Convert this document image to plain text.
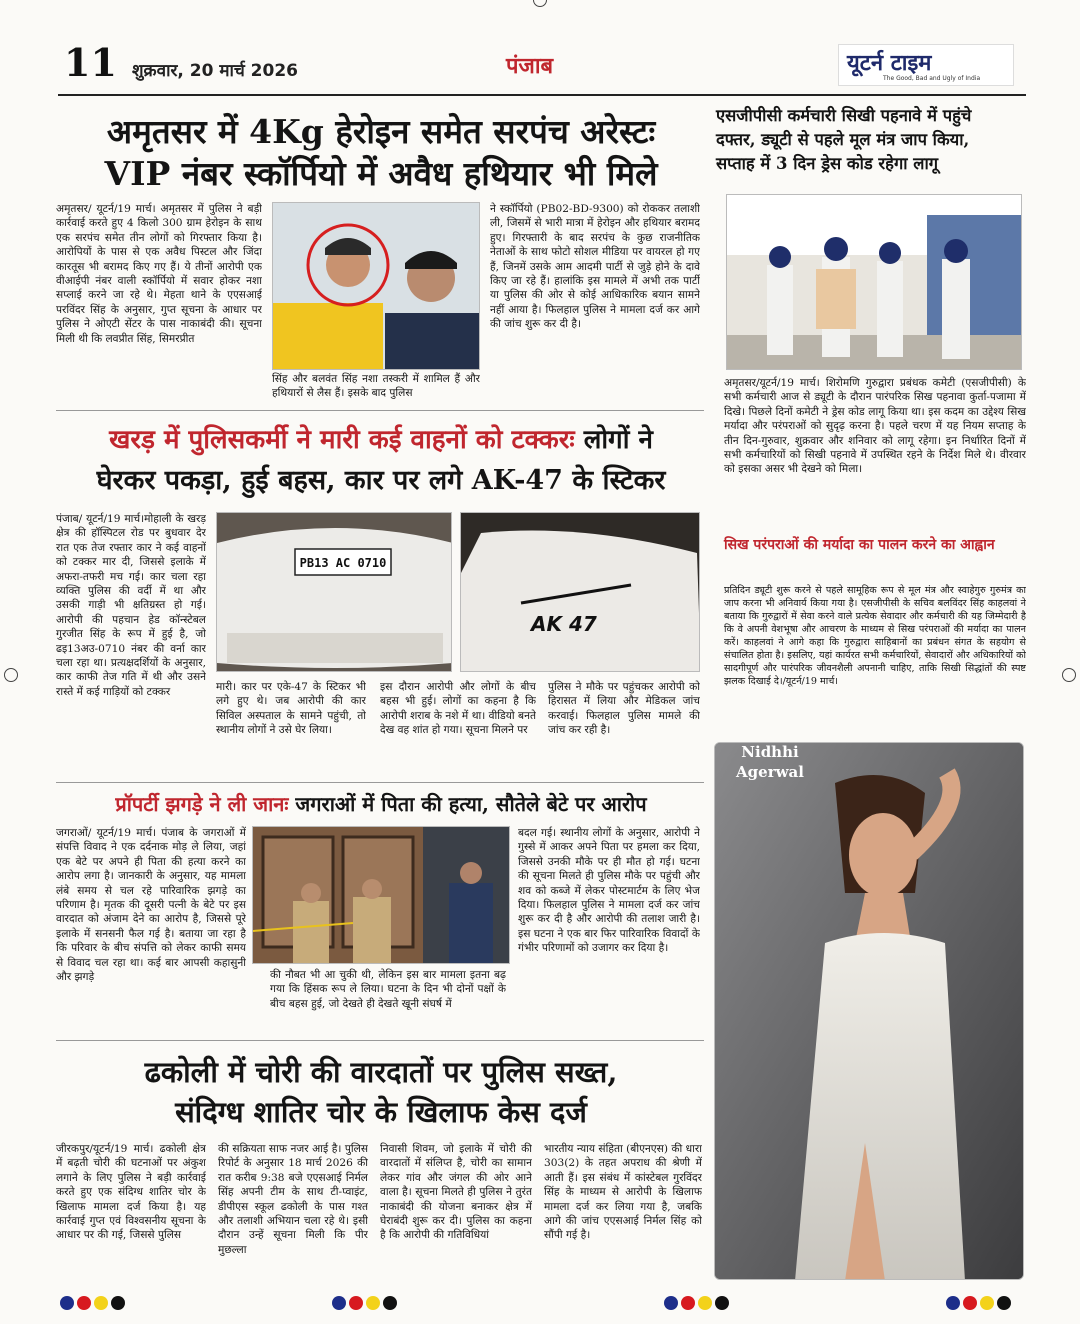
11 शुक्रवार, 20 मार्च 2026	पंजाब	यूटर्न टाइम
The Good, Bad and Ugly of India
अमृतसर में 4Kg हेरोइन समेत सरपंच अरेस्टः
VIP नंबर स्कॉर्पियो में अवैध हथियार भी मिले
अमृतसर/ यूटर्न/19 मार्च। अमृतसर में पुलिस ने बड़ी कार्रवाई करते हुए 4 किलो 300 ग्राम हेरोइन के साथ एक सरपंच समेत तीन लोगों को गिरफ्तार किया है। आरोपियों के पास से एक अवैध पिस्टल और जिंदा कारतूस भी बरामद किए गए हैं। ये तीनों आरोपी एक वीआईपी नंबर वाली स्कॉर्पियो में सवार होकर नशा सप्लाई करने जा रहे थे। मेहता थाने के एएसआई परविंदर सिंह के अनुसार, गुप्त सूचना के आधार पर पुलिस ने ओएटी सेंटर के पास नाकाबंदी की। सूचना मिली थी कि लवप्रीत सिंह, सिमरप्रीत
सिंह और बलवंत सिंह नशा तस्करी में शामिल हैं और हथियारों से लैस हैं। इसके बाद पुलिस
ने स्कॉर्पियो (PB02-BD-9300) को रोककर तलाशी ली, जिसमें से भारी मात्रा में हेरोइन और हथियार बरामद हुए। गिरफ्तारी के बाद सरपंच के कुछ राजनीतिक नेताओं के साथ फोटो सोशल मीडिया पर वायरल हो गए हैं, जिनमें उसके आम आदमी पार्टी से जुड़े होने के दावे किए जा रहे हैं। हालांकि इस मामले में अभी तक पार्टी या पुलिस की ओर से कोई आधिकारिक बयान सामने नहीं आया है। फिलहाल पुलिस ने मामला दर्ज कर आगे की जांच शुरू कर दी है।
खरड़ में पुलिसकर्मी ने मारी कई वाहनों को टक्करः लोगों ने
घेरकर पकड़ा, हुई बहस, कार पर लगे AK-47 के स्टिकर
पंजाब/ यूटर्न/19 मार्च।मोहाली के खरड़ क्षेत्र की हॉस्पिटल रोड पर बुधवार देर रात एक तेज रफ्तार कार ने कई वाहनों को टक्कर मार दी, जिससे इलाके में अफरा-तफरी मच गई। कार चला रहा व्यक्ति पुलिस की वर्दी में था और उसकी गाड़ी भी क्षतिग्रस्त हो गई। आरोपी की पहचान हेड कॉन्स्टेबल गुरजीत सिंह के रूप में हुई है, जो ढइ13अउ-0710 नंबर की वर्ना कार चला रहा था। प्रत्यक्षदर्शियों के अनुसार, कार काफी तेज गति में थी और उसने रास्ते में कई गाड़ियों को टक्कर
PB13 AC 0710
AK 47
मारी। कार पर एके-47 के स्टिकर भी लगे हुए थे। जब आरोपी की कार सिविल अस्पताल के सामने पहुंची, तो स्थानीय लोगों ने उसे घेर लिया।
इस दौरान आरोपी और लोगों के बीच बहस भी हुई। लोगों का कहना है कि आरोपी शराब के नशे में था। वीडियो बनते देख वह शांत हो गया। सूचना मिलने पर
पुलिस ने मौके पर पहुंचकर आरोपी को हिरासत में लिया और मेडिकल जांच करवाई। फिलहाल पुलिस मामले की जांच कर रही है।
एसजीपीसी कर्मचारी सिखी पहनावे में पहुंचे
दफ्तर, ड्यूटी से पहले मूल मंत्र जाप किया,
सप्ताह में 3 दिन ड्रेस कोड रहेगा लागू
अमृतसर/यूटर्न/19 मार्च। शिरोमणि गुरुद्वारा प्रबंधक कमेटी (एसजीपीसी) के सभी कर्मचारी आज से ड्यूटी के दौरान पारंपरिक सिख पहनावा कुर्ता-पजामा में दिखे। पिछले दिनों कमेटी ने ड्रेस कोड लागू किया था। इस कदम का उद्देश्य सिख मर्यादा और परंपराओं को सुदृढ़ करना है। पहले चरण में यह नियम सप्ताह के तीन दिन-गुरुवार, शुक्रवार और शनिवार को लागू रहेगा। इन निर्धारित दिनों में सभी कर्मचारियों को सिखी पहनावे में उपस्थित रहने के निर्देश मिले थे। वीरवार को इसका असर भी देखने को मिला।
सिख परंपराओं की मर्यादा का पालन करने का आह्वान
प्रतिदिन ड्यूटी शुरू करने से पहले सामूहिक रूप से मूल मंत्र और स्वाहेगुरु गुरुमंत्र का जाप करना भी अनिवार्य किया गया है। एसजीपीसी के सचिव बलविंदर सिंह काहलवां ने बताया कि गुरुद्वारों में सेवा करने वाले प्रत्येक सेवादार और कर्मचारी की यह जिम्मेदारी है कि वे अपनी वेशभूषा और आचरण के माध्यम से सिख परंपराओं की मर्यादा का पालन करें। काहलवां ने आगे कहा कि गुरुद्वारा साहिबानों का प्रबंधन संगत के सहयोग से संचालित होता है। इसलिए, यहां कार्यरत सभी कर्मचारियों, सेवादारों और अधिकारियों को सादगीपूर्ण और पारंपरिक जीवनशैली अपनानी चाहिए, ताकि सिखी सिद्धांतों की स्पष्ट झलक दिखाई दे।/यूटर्न/19 मार्च।
Nidhhi
Agerwal
प्रॉपर्टी झगड़े ने ली जानः जगराओं में पिता की हत्या, सौतेले बेटे पर आरोप
जगराओं/ यूटर्न/19 मार्च। पंजाब के जगराओं में संपत्ति विवाद ने एक दर्दनाक मोड़ ले लिया, जहां एक बेटे पर अपने ही पिता की हत्या करने का आरोप लगा है। जानकारी के अनुसार, यह मामला लंबे समय से चल रहे पारिवारिक झगड़े का परिणाम है। मृतक की दूसरी पत्नी के बेटे पर इस वारदात को अंजाम देने का आरोप है, जिससे पूरे इलाके में सनसनी फैल गई है। बताया जा रहा है कि परिवार के बीच संपत्ति को लेकर काफी समय से विवाद चल रहा था। कई बार आपसी कहासुनी और झगड़े	की नौबत भी आ चुकी थी, लेकिन इस बार मामला इतना बढ़ गया कि हिंसक रूप ले लिया। घटना के दिन भी दोनों पक्षों के बीच बहस हुई, जो देखते ही देखते खूनी संघर्ष में
बदल गई। स्थानीय लोगों के अनुसार, आरोपी ने गुस्से में आकर अपने पिता पर हमला कर दिया, जिससे उनकी मौके पर ही मौत हो गई। घटना की सूचना मिलते ही पुलिस मौके पर पहुंची और शव को कब्जे में लेकर पोस्टमार्टम के लिए भेज दिया। फिलहाल पुलिस ने मामला दर्ज कर जांच शुरू कर दी है और आरोपी की तलाश जारी है। इस घटना ने एक बार फिर पारिवारिक विवादों के गंभीर परिणामों को उजागर कर दिया है।
ढकोली में चोरी की वारदातों पर पुलिस सख्त,
संदिग्ध शातिर चोर के खिलाफ केस दर्ज
जीरकपुर/यूटर्न/19 मार्च। ढकोली क्षेत्र में बढ़ती चोरी की घटनाओं पर अंकुश लगाने के लिए पुलिस ने बड़ी कार्रवाई करते हुए एक संदिग्ध शातिर चोर के खिलाफ मामला दर्ज किया है। यह कार्रवाई गुप्त एवं विश्वसनीय सूचना के आधार पर की गई, जिससे पुलिस
की सक्रियता साफ नजर आई है। पुलिस रिपोर्ट के अनुसार 18 मार्च 2026 की रात करीब 9:38 बजे एएसआई निर्मल सिंह अपनी टीम के साथ टी-प्वाइंट, डीपीएस स्कूल ढकोली के पास गश्त और तलाशी अभियान चला रहे थे। इसी दौरान उन्हें सूचना मिली कि पीर मुछल्ला
निवासी शिवम, जो इलाके में चोरी की वारदातों में संलिप्त है, चोरी का सामान लेकर गांव और जंगल की ओर आने वाला है। सूचना मिलते ही पुलिस ने तुरंत नाकाबंदी की योजना बनाकर क्षेत्र में घेराबंदी शुरू कर दी। पुलिस का कहना है कि आरोपी की गतिविधियां
भारतीय न्याय संहिता (बीएनएस) की धारा 303(2) के तहत अपराध की श्रेणी में आती हैं। इस संबंध में कांस्टेबल गुरविंदर सिंह के माध्यम से आरोपी के खिलाफ मामला दर्ज कर लिया गया है, जबकि आगे की जांच एएसआई निर्मल सिंह को सौंपी गई है।
